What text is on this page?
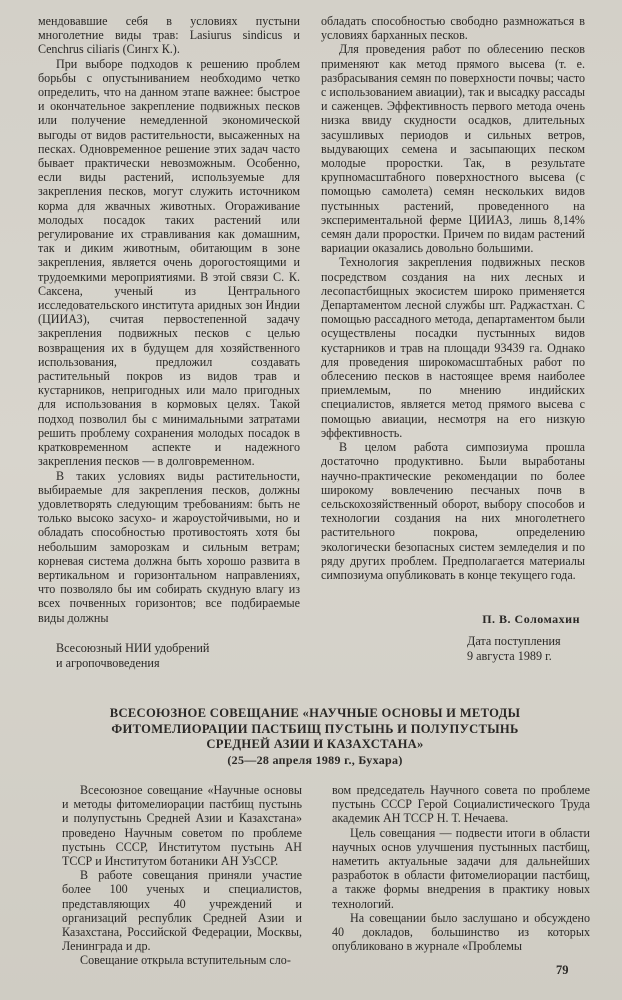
мендовавшие себя в условиях пустыни многолетние виды трав: Lasiurus sindicus и Cenchrus ciliaris (Сингх К.).

При выборе подходов к решению проблем борьбы с опустыниванием необходимо четко определить, что на данном этапе важнее: быстрое и окончательное закрепление подвижных песков или получение немедленной экономической выгоды от видов растительности, высаженных на песках. Одновременное решение этих задач часто бывает практически невозможным. Особенно, если виды растений, используемые для закрепления песков, могут служить источником корма для жвачных животных. Огораживание молодых посадок таких растений или регулирование их стравливания как домашним, так и диким животным, обитающим в зоне закрепления, является очень дорогостоящими и трудоемкими мероприятиями. В этой связи С. К. Саксена, ученый из Центрального исследовательского института аридных зон Индии (ЦИИАЗ), считая первостепенной задачу закрепления подвижных песков с целью возвращения их в будущем для хозяйственного использования, предложил создавать растительный покров из видов трав и кустарников, непригодных или мало пригодных для использования в кормовых целях. Такой подход позволил бы с минимальными затратами решить проблему сохранения молодых посадок в кратковременном аспекте и надежного закрепления песков — в долговременном.

В таких условиях виды растительности, выбираемые для закрепления песков, должны удовлетворять следующим требованиям: быть не только высоко засухо- и жароустойчивыми, но и обладать способностью противостоять хотя бы небольшим заморозкам и сильным ветрам; корневая система должна быть хорошо развита в вертикальном и горизонтальном направлениях, что позволяло бы им собирать скудную влагу из всех почвенных горизонтов; все подбираемые виды должны

обладать способностью свободно размножаться в условиях барханных песков.

Для проведения работ по облесению песков применяют как метод прямого высева (т. е. разбрасывания семян по поверхности почвы; часто с использованием авиации), так и высадку рассады и саженцев. Эффективность первого метода очень низка ввиду скудности осадков, длительных засушливых периодов и сильных ветров, выдувающих семена и засыпающих песком молодые проростки. Так, в результате крупномасштабного поверхностного высева (с помощью самолета) семян нескольких видов пустынных растений, проведенного на экспериментальной ферме ЦИИАЗ, лишь 8,14% семян дали проростки. Причем по видам растений вариации оказались довольно большими.

Технология закрепления подвижных песков посредством создания на них лесных и лесопастбищных экосистем широко применяется Департаментом лесной службы шт. Раджастхан. С помощью рассадного метода, департаментом были осуществлены посадки пустынных видов кустарников и трав на площади 93439 га. Однако для проведения широкомасштабных работ по облесению песков в настоящее время наиболее приемлемым, по мнению индийских специалистов, является метод прямого высева с помощью авиации, несмотря на его низкую эффективность.

В целом работа симпозиума прошла достаточно продуктивно. Были выработаны научно-практические рекомендации по более широкому вовлечению песчаных почв в сельскохозяйственный оборот, выбору способов и технологии создания на них многолетнего растительного покрова, определению экологически безопасных систем земледелия и по ряду других проблем. Предполагается материалы симпозиума опубликовать в конце текущего года.

П. В. Соломахин
Всесоюзный НИИ удобрений
и агропочвоведения
Дата поступления
9 августа 1989 г.
ВСЕСОЮЗНОЕ СОВЕЩАНИЕ «НАУЧНЫЕ ОСНОВЫ И МЕТОДЫ
ФИТОМЕЛИОРАЦИИ ПАСТБИЩ ПУСТЫНЬ И ПОЛУПУСТЫНЬ
СРЕДНЕЙ АЗИИ И КАЗАХСТАНА»
(25—28 апреля 1989 г., Бухара)

Всесоюзное совещание «Научные основы и методы фитомелиорации пастбищ пустынь и полупустынь Средней Азии и Казахстана» проведено Научным советом по проблеме пустынь СССР, Институтом пустынь АН ТССР и Институтом ботаники АН УзССР.

В работе совещания приняли участие более 100 ученых и специалистов, представляющих 40 учреждений и организаций республик Средней Азии и Казахстана, Российской Федерации, Москвы, Ленинграда и др.

Совещание открыла вступительным сло-

вом председатель Научного совета по проблеме пустынь СССР Герой Социалистического Труда академик АН ТССР Н. Т. Нечаева.

Цель совещания — подвести итоги в области научных основ улучшения пустынных пастбищ, наметить актуальные задачи для дальнейших разработок в области фитомелиорации пастбищ, а также формы внедрения в практику новых технологий.

На совещании было заслушано и обсуждено 40 докладов, большинство из которых опубликовано в журнале «Проблемы

79
